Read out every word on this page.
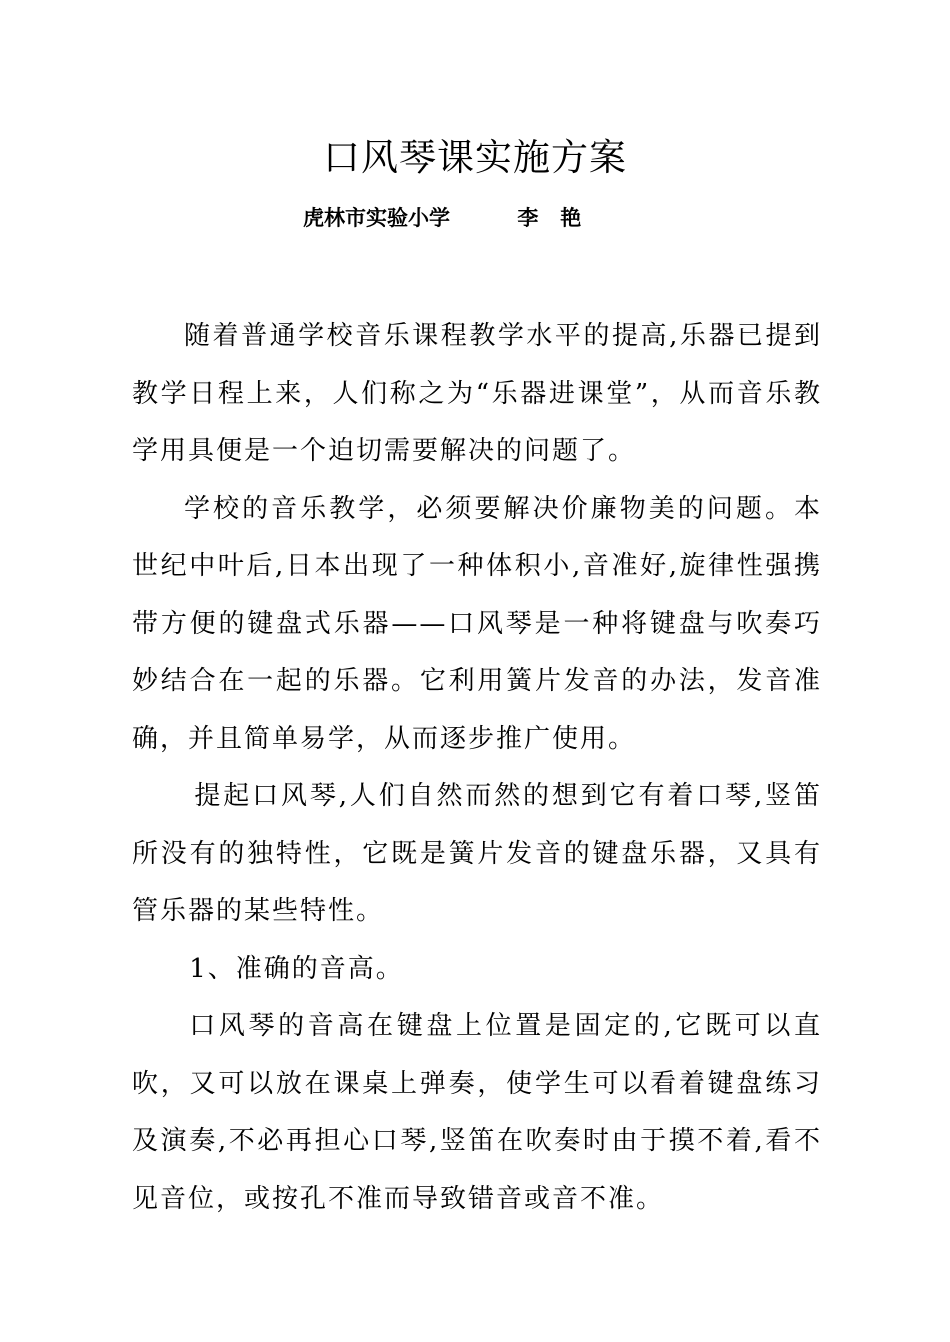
口风琴课实施方案
虎林市实验小学	李艳

随着普通学校音乐课程教学水平的提高,乐器已提到教学日程上来，人们称之为“乐器进课堂”，从而音乐教学用具便是一个迫切需要解决的问题了。

学校的音乐教学，必须要解决价廉物美的问题。本世纪中叶后,日本出现了一种体积小,音准好,旋律性强携带方便的键盘式乐器——口风琴是一种将键盘与吹奏巧妙结合在一起的乐器。它利用簧片发音的办法，发音准确，并且简单易学，从而逐步推广使用。

提起口风琴,人们自然而然的想到它有着口琴,竖笛所没有的独特性，它既是簧片发音的键盘乐器，又具有管乐器的某些特性。

1、准确的音高。

口风琴的音高在键盘上位置是固定的,它既可以直吹，又可以放在课桌上弹奏，使学生可以看着键盘练习及演奏,不必再担心口琴,竖笛在吹奏时由于摸不着,看不见音位，或按孔不准而导致错音或音不准。
